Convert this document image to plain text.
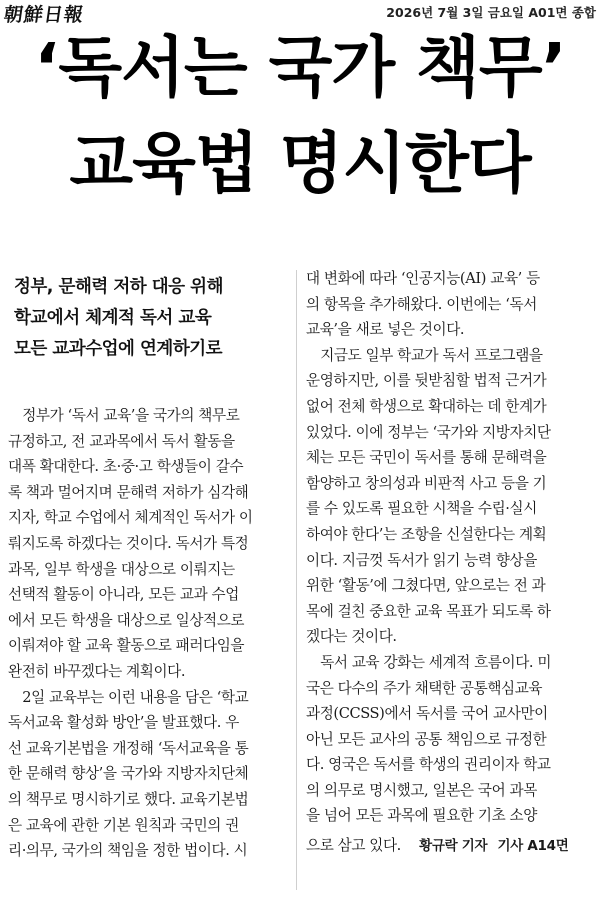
朝鮮日報	2026년 7월 3일 금요일 A01면 종합
‘독서는 국가 책무’
교육법 명시한다
정부, 문해력 저하 대응 위해
학교에서 체계적 독서 교육
모든 교과수업에 연계하기로
　정부가 ‘독서 교육’을 국가의 책무로
규정하고, 전 교과목에서 독서 활동을
대폭 확대한다. 초·중·고 학생들이 갈수
록 책과 멀어지며 문해력 저하가 심각해
지자, 학교 수업에서 체계적인 독서가 이
뤄지도록 하겠다는 것이다. 독서가 특정
과목, 일부 학생을 대상으로 이뤄지는
선택적 활동이 아니라, 모든 교과 수업
에서 모든 학생을 대상으로 일상적으로
이뤄져야 할 교육 활동으로 패러다임을
완전히 바꾸겠다는 계획이다.
　2일 교육부는 이런 내용을 담은 ‘학교
독서교육 활성화 방안’을 발표했다. 우
선 교육기본법을 개정해 ‘독서교육을 통
한 문해력 향상’을 국가와 지방자치단체
의 책무로 명시하기로 했다. 교육기본법
은 교육에 관한 기본 원칙과 국민의 권
리·의무, 국가의 책임을 정한 법이다. 시
대 변화에 따라 ‘인공지능(AI) 교육’ 등
의 항목을 추가해왔다. 이번에는 ‘독서
교육’을 새로 넣은 것이다.
　지금도 일부 학교가 독서 프로그램을
운영하지만, 이를 뒷받침할 법적 근거가
없어 전체 학생으로 확대하는 데 한계가
있었다. 이에 정부는 ‘국가와 지방자치단
체는 모든 국민이 독서를 통해 문해력을
함양하고 창의성과 비판적 사고 등을 기
를 수 있도록 필요한 시책을 수립·실시
하여야 한다’는 조항을 신설한다는 계획
이다. 지금껏 독서가 읽기 능력 향상을
위한 ‘활동’에 그쳤다면, 앞으로는 전 과
목에 걸친 중요한 교육 목표가 되도록 하
겠다는 것이다.
　독서 교육 강화는 세계적 흐름이다. 미
국은 다수의 주가 채택한 공통핵심교육
과정(CCSS)에서 독서를 국어 교사만이
아닌 모든 교사의 공통 책임으로 규정한
다. 영국은 독서를 학생의 권리이자 학교
의 의무로 명시했고, 일본은 국어 과목
을 넘어 모든 과목에 필요한 기초 소양
으로 삼고 있다. 황규락 기자 기사 A14면
